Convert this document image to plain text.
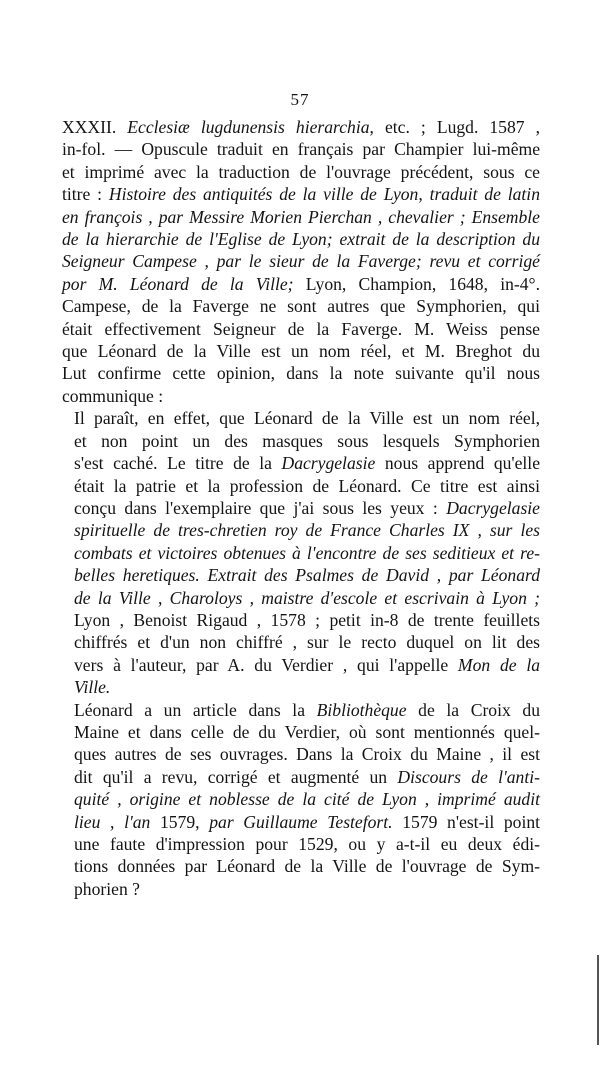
57
XXXII. Ecclesiæ lugdunensis hierarchia, etc. ; Lugd. 1587 ,
in-fol. — Opuscule traduit en français par Champier lui-même
et imprimé avec la traduction de l'ouvrage précédent, sous ce
titre : Histoire des antiquités de la ville de Lyon, traduit de latin
en françois , par Messire Morien Pierchan , chevalier ; Ensemble
de la hierarchie de l'Eglise de Lyon; extrait de la description du
Seigneur Campese , par le sieur de la Faverge; revu et corrigé
por M. Léonard de la Ville; Lyon, Champion, 1648, in-4°.
Campese, de la Faverge ne sont autres que Symphorien, qui
était effectivement Seigneur de la Faverge. M. Weiss pense
que Léonard de la Ville est un nom réel, et M. Breghot du
Lut confirme cette opinion, dans la note suivante qu'il nous
communique :
Il paraît, en effet, que Léonard de la Ville est un nom réel,
et non point un des masques sous lesquels Symphorien
s'est caché. Le titre de la Dacrygelasie nous apprend qu'elle
était la patrie et la profession de Léonard. Ce titre est ainsi
conçu dans l'exemplaire que j'ai sous les yeux : Dacrygelasie
spirituelle de tres-chretien roy de France Charles IX , sur les
combats et victoires obtenues à l'encontre de ses seditieux et re-
belles heretiques. Extrait des Psalmes de David , par Léonard
de la Ville , Charoloys , maistre d'escole et escrivain à Lyon ;
Lyon , Benoist Rigaud , 1578 ; petit in-8 de trente feuillets
chiffrés et d'un non chiffré , sur le recto duquel on lit des
vers à l'auteur, par A. du Verdier , qui l'appelle Mon de la
Ville.
Léonard a un article dans la Bibliothèque de la Croix du
Maine et dans celle de du Verdier, où sont mentionnés quel-
ques autres de ses ouvrages. Dans la Croix du Maine , il est
dit qu'il a revu, corrigé et augmenté un Discours de l'anti-
quité , origine et noblesse de la cité de Lyon , imprimé audit
lieu , l'an 1579, par Guillaume Testefort. 1579 n'est-il point
une faute d'impression pour 1529, ou y a-t-il eu deux édi-
tions données par Léonard de la Ville de l'ouvrage de Sym-
phorien ?
